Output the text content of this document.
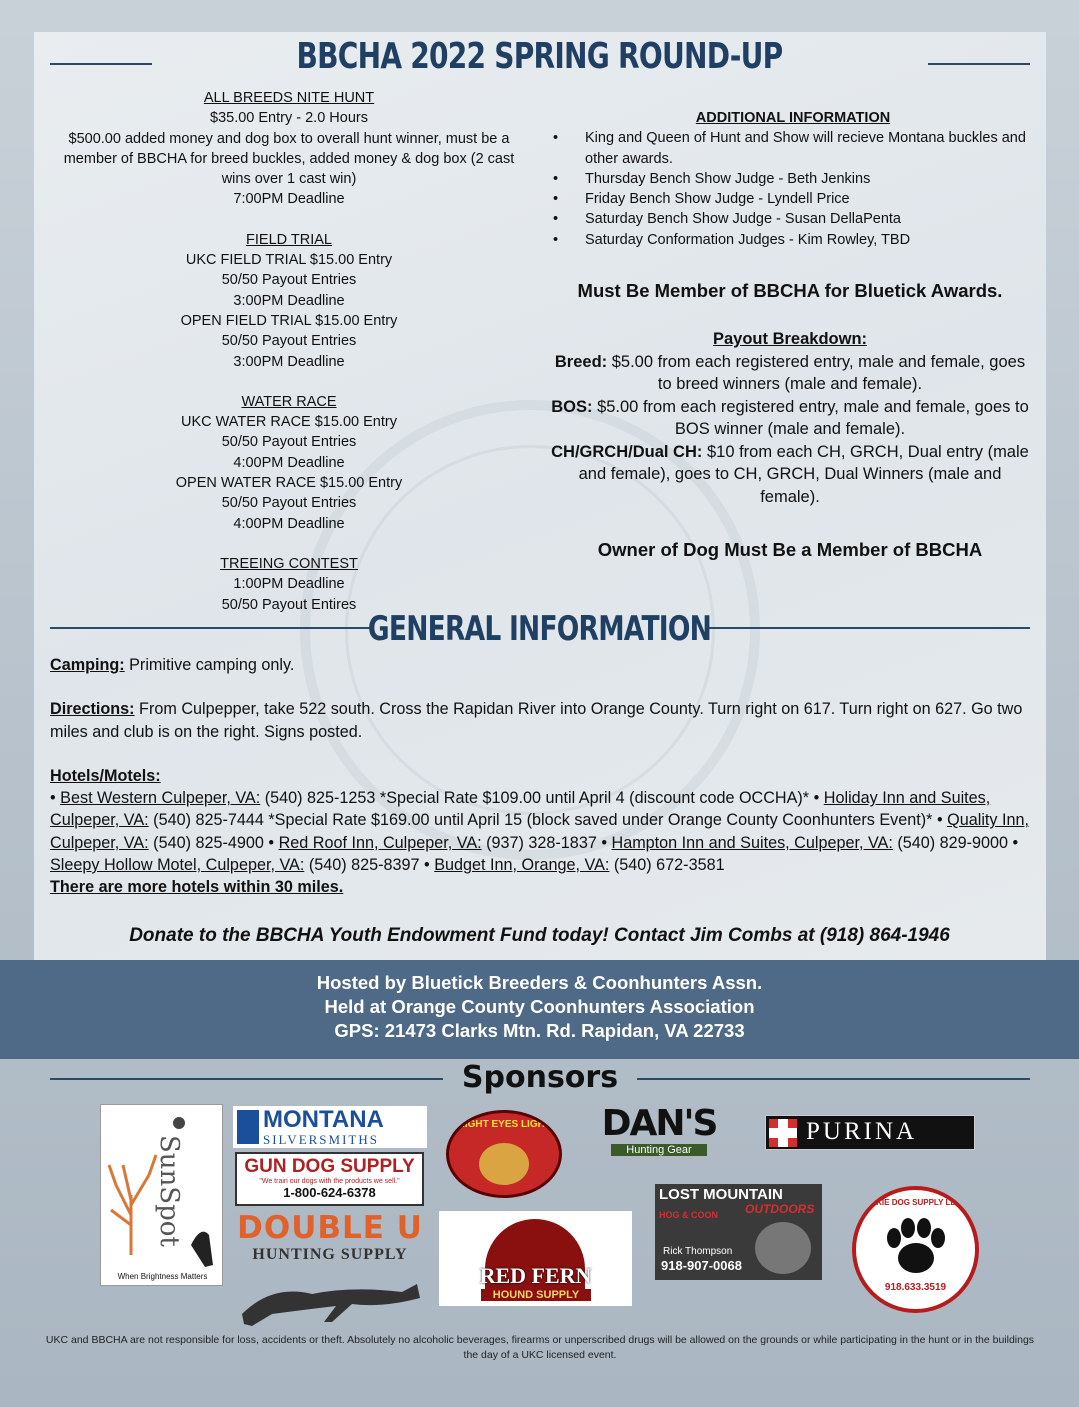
BBCHA 2022 SPRING ROUND-UP
ALL BREEDS NITE HUNT
$35.00 Entry - 2.0 Hours
$500.00 added money and dog box to overall hunt winner, must be a member of BBCHA for breed buckles, added money & dog box (2 cast wins over 1 cast win)
7:00PM Deadline
FIELD TRIAL
UKC FIELD TRIAL $15.00 Entry
50/50 Payout Entries
3:00PM Deadline
OPEN FIELD TRIAL $15.00 Entry
50/50 Payout Entries
3:00PM Deadline
WATER RACE
UKC WATER RACE $15.00 Entry
50/50 Payout Entries
4:00PM Deadline
OPEN WATER RACE $15.00 Entry
50/50 Payout Entries
4:00PM Deadline
TREEING CONTEST
1:00PM Deadline
50/50 Payout Entires
ADDITIONAL INFORMATION
• King and Queen of Hunt and Show will recieve Montana buckles and other awards.
• Thursday Bench Show Judge - Beth Jenkins
• Friday Bench Show Judge - Lyndell Price
• Saturday Bench Show Judge - Susan DellaPenta
• Saturday Conformation Judges - Kim Rowley, TBD
Must Be Member of BBCHA for Bluetick Awards.
Payout Breakdown:
Breed: $5.00 from each registered entry, male and female, goes to breed winners (male and female).
BOS: $5.00 from each registered entry, male and female, goes to BOS winner (male and female).
CH/GRCH/Dual CH: $10 from each CH, GRCH, Dual entry (male and female), goes to CH, GRCH, Dual Winners (male and female).
Owner of Dog Must Be a Member of BBCHA
GENERAL INFORMATION
Camping: Primitive camping only.
Directions: From Culpepper, take 522 south. Cross the Rapidan River into Orange County. Turn right on 617. Turn right on 627. Go two miles and club is on the right. Signs posted.
Hotels/Motels:
• Best Western Culpeper, VA: (540) 825-1253 *Special Rate $109.00 until April 4 (discount code OCCHA)* • Holiday Inn and Suites, Culpeper, VA: (540) 825-7444 *Special Rate $169.00 until April 15 (block saved under Orange County Coonhunters Event)* • Quality Inn, Culpeper, VA: (540) 825-4900 • Red Roof Inn, Culpeper, VA: (937) 328-1837 • Hampton Inn and Suites, Culpeper, VA: (540) 829-9000 • Sleepy Hollow Motel, Culpeper, VA: (540) 825-8397 • Budget Inn, Orange, VA: (540) 672-3581
There are more hotels within 30 miles.
Donate to the BBCHA Youth Endowment Fund today! Contact Jim Combs at (918) 864-1946
Hosted by Bluetick Breeders & Coonhunters Assn.
Held at Orange County Coonhunters Association
GPS: 21473 Clarks Mtn. Rd. Rapidan, VA 22733
Sponsors
SunSpot
When Brightness Matters
MONTANA
SILVERSMITHS
GUN DOG SUPPLY
"We train our dogs with the products we sell."
1-800-624-6378
DOUBLE U
HUNTING SUPPLY
BRIGHT EYES LIGHTS DAN'S
Hunting Gear
PURINA
RED FERN
HOUND SUPPLY
LOST MOUNTAIN
OUTDOORS
HOG & COON
Rick Thompson
918-907-0068
OKIE DOG SUPPLY LLC
918.633.3519
UKC and BBCHA are not responsible for loss, accidents or theft. Absolutely no alcoholic beverages, firearms or unperscribed drugs will be allowed on the grounds or while participating in the hunt or in the buildings the day of a UKC licensed event.
